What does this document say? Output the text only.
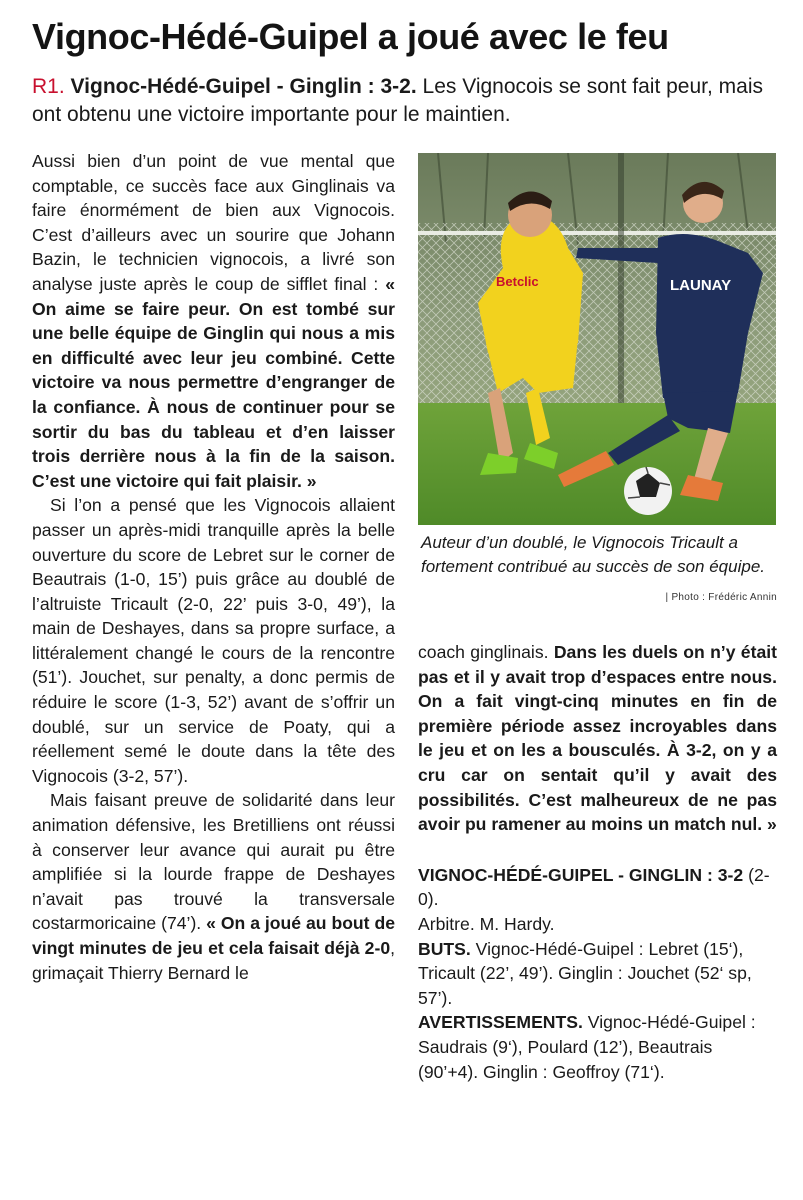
Vignoc-Hédé-Guipel a joué avec le feu
R1. Vignoc-Hédé-Guipel - Ginglin : 3-2. Les Vignocois se sont fait peur, mais ont obtenu une victoire importante pour le maintien.

Aussi bien d’un point de vue mental que comptable, ce succès face aux Ginglinais va faire énormément de bien aux Vignocois. C’est d’ailleurs avec un sourire que Johann Bazin, le technicien vignocois, a livré son analyse juste après le coup de sifflet final : « On aime se faire peur. On est tombé sur une belle équipe de Ginglin qui nous a mis en difficulté avec leur jeu combiné. Cette victoire va nous permettre d’engranger de la confiance. À nous de continuer pour se sortir du bas du tableau et d’en laisser trois derrière nous à la fin de la saison. C’est une victoire qui fait plaisir. »

Si l’on a pensé que les Vignocois allaient passer un après-midi tranquille après la belle ouverture du score de Lebret sur le corner de Beautrais (1-0, 15’) puis grâce au doublé de l’altruiste Tricault (2-0, 22’ puis 3-0, 49’), la main de Deshayes, dans sa propre surface, a littéralement changé le cours de la rencontre (51’). Jouchet, sur penalty, a donc permis de réduire le score (1-3, 52’) avant de s’offrir un doublé, sur un service de Poaty, qui a réellement semé le doute dans la tête des Vignocois (3-2, 57’).

Mais faisant preuve de solidarité dans leur animation défensive, les Bretilliens ont réussi à conserver leur avance qui aurait pu être amplifiée si la lourde frappe de Deshayes n’avait pas trouvé la transversale costarmoricaine (74’). « On a joué au bout de vingt minutes de jeu et cela faisait déjà 2-0, grimaçait Thierry Bernard le

Betclic	LAUNAY
Auteur d’un doublé, le Vignocois Tricault a fortement contribué au succès de son équipe.
| Photo : Frédéric Annin

coach ginglinais. Dans les duels on n’y était pas et il y avait trop d’espaces entre nous. On a fait vingt-cinq minutes en fin de première période assez incroyables dans le jeu et on les a bousculés. À 3-2, on y a cru car on sentait qu’il y avait des possibilités. C’est malheureux de ne pas avoir pu ramener au moins un match nul. »

VIGNOC-HÉDÉ-GUIPEL - GINGLIN : 3-2 (2-0).

Arbitre. M. Hardy.

BUTS. Vignoc-Hédé-Guipel : Lebret (15‘), Tricault (22’, 49’). Ginglin : Jouchet (52‘ sp, 57’).

AVERTISSEMENTS. Vignoc-Hédé-Guipel : Saudrais (9‘), Poulard (12’), Beautrais (90’+4). Ginglin : Geoffroy (71‘).
